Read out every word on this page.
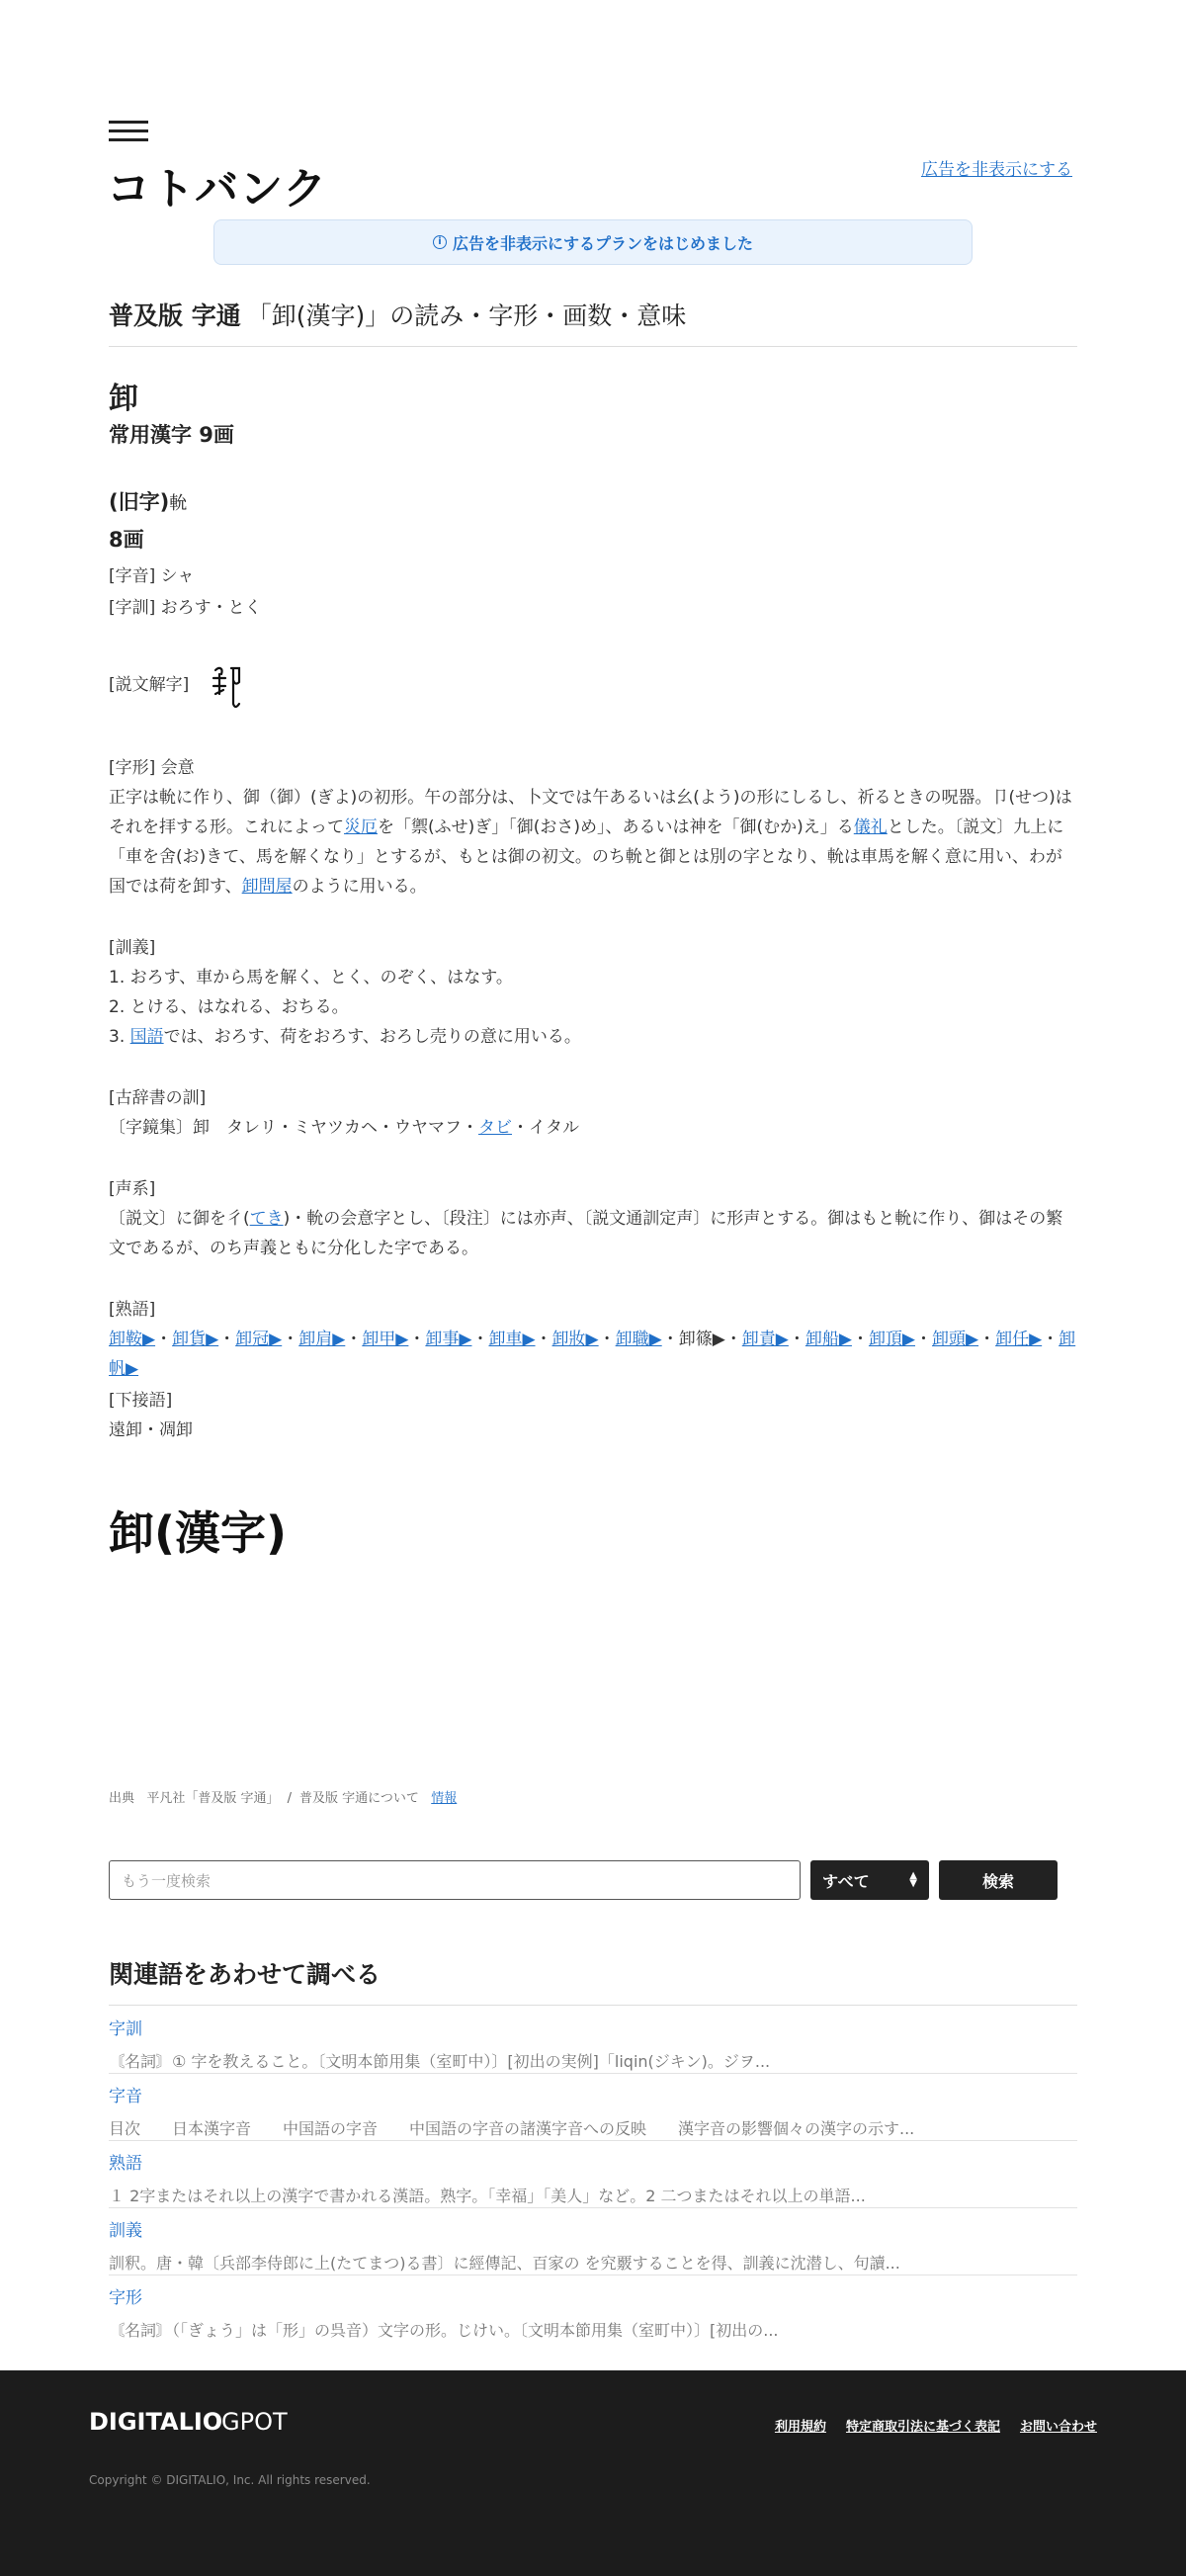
コトバンク	広告を非表示にする
i 広告を非表示にするプランをはじめました
普及版 字通 「卸(漢字)」の読み・字形・画数・意味
卸
常用漢字 9画
(旧字)𨋍
8画
[字音] シャ
[字訓] おろす・とく
[説文解字]
[字形] 会意
正字は𨋍に作り、御（御）(ぎよ)の初形。午の部分は、卜文では午あるいは幺(よう)の形にしるし、祈るときの呪器。卩(せつ)はそれを拝する形。これによって災厄を「禦(ふせ)ぎ」「御(おさ)め」、あるいは神を「御(むか)え」る儀礼とした。〔説文〕九上に「車を舍(お)きて、馬を解くなり」とするが、もとは御の初文。のち𨋍と御とは別の字となり、𨋍は車馬を解く意に用い、わが国では荷を卸す、卸問屋のように用いる。
[訓義]
1. おろす、車から馬を解く、とく、のぞく、はなす。
2. とける、はなれる、おちる。
3. 国語では、おろす、荷をおろす、おろし売りの意に用いる。
[古辞書の訓]
〔字鏡集〕卸　タレリ・ミヤツカヘ・ウヤマフ・タビ・イタル
[声系]
〔説文〕に御を彳(てき)・𨋍の会意字とし、〔段注〕には亦声、〔説文通訓定声〕に形声とする。御はもと𨋍に作り、御はその繁文であるが、のち声義ともに分化した字である。
[熟語]
卸鞍▶・卸貨▶・卸冠▶・卸肩▶・卸甲▶・卸事▶・卸車▶・卸妝▶・卸職▶・卸篠▶・卸責▶・卸船▶・卸頂▶・卸頭▶・卸任▶・卸帆▶
[下接語]
遠卸・凋卸
卸(漢字)
出典 平凡社「普及版 字通」 / 普及版 字通について 情報
もう一度検索	すべて	▲
▼	検索
関連語をあわせて調べる
字訓
〘名詞〙① 字を教えること。〔文明本節用集（室町中）〕[初出の実例]「liqin(ジキン)。ジヲ...
字音
目次　　日本漢字音　　中国語の字音　　中国語の字音の諸漢字音への反映　　漢字音の影響個々の漢字の示す...
熟語
１ 2字またはそれ以上の漢字で書かれる漢語。熟字。「幸福」「美人」など。2 二つまたはそれ以上の単語...
訓義
訓釈。唐・韓〔兵部李侍郎に上(たてまつ)る書〕に經傳記、百家の を究覈することを得、訓義に沈潜し、句讀...
字形
〘名詞〙（「ぎょう」は「形」の呉音）文字の形。じけい。〔文明本節用集（室町中）〕[初出の...
DIGITALIO
GPOT	利用規約 特定商取引法に基づく表記 お問い合わせ
Copyright © DIGITALIO, Inc. All rights reserved.
